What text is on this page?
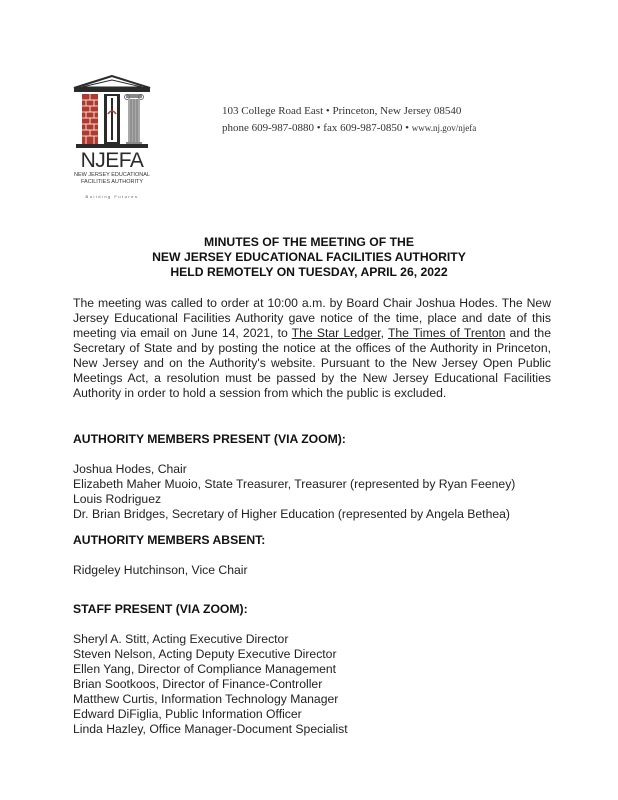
NJEFA
NEW JERSEY EDUCATIONAL
FACILITIES AUTHORITY
Building Futures
103 College Road East • Princeton, New Jersey 08540
phone 609-987-0880 • fax 609-987-0850 • www.nj.gov/njefa
MINUTES OF THE MEETING OF THE
NEW JERSEY EDUCATIONAL FACILITIES AUTHORITY
HELD REMOTELY ON TUESDAY, APRIL 26, 2022
The meeting was called to order at 10:00 a.m. by Board Chair Joshua Hodes. The New Jersey Educational Facilities Authority gave notice of the time, place and date of this meeting via email on June 14, 2021, to The Star Ledger, The Times of Trenton and the Secretary of State and by posting the notice at the offices of the Authority in Princeton, New Jersey and on the Authority's website. Pursuant to the New Jersey Open Public Meetings Act, a resolution must be passed by the New Jersey Educational Facilities Authority in order to hold a session from which the public is excluded.
AUTHORITY MEMBERS PRESENT (VIA ZOOM):
Joshua Hodes, Chair
Elizabeth Maher Muoio, State Treasurer, Treasurer (represented by Ryan Feeney)
Louis Rodriguez
Dr. Brian Bridges, Secretary of Higher Education (represented by Angela Bethea)
AUTHORITY MEMBERS ABSENT:
Ridgeley Hutchinson, Vice Chair
STAFF PRESENT (VIA ZOOM):
Sheryl A. Stitt, Acting Executive Director
Steven Nelson, Acting Deputy Executive Director
Ellen Yang, Director of Compliance Management
Brian Sootkoos, Director of Finance-Controller
Matthew Curtis, Information Technology Manager
Edward DiFiglia, Public Information Officer
Linda Hazley, Office Manager-Document Specialist
